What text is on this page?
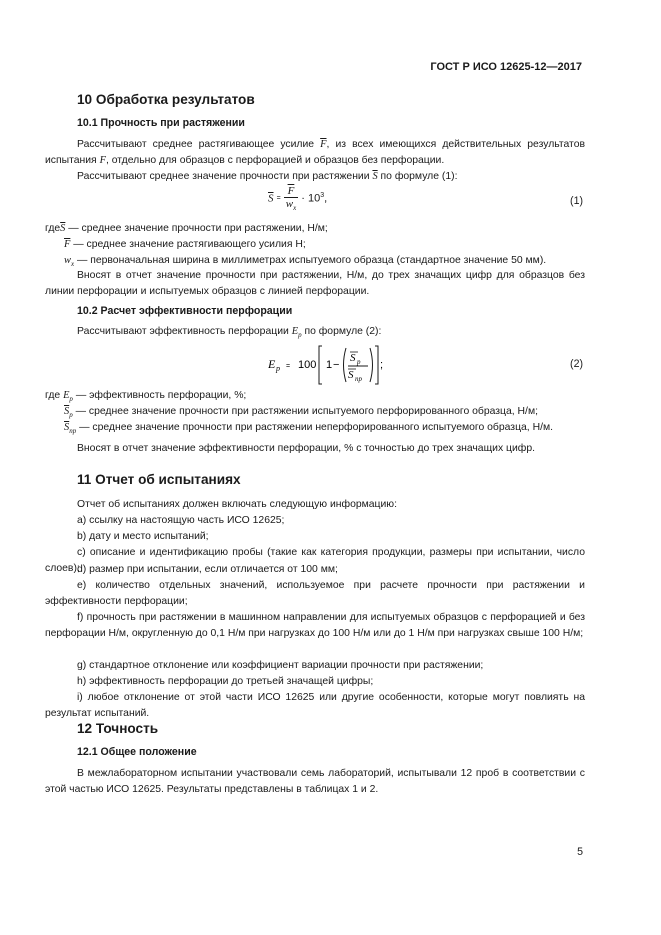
ГОСТ Р ИСО 12625-12—2017
10 Обработка результатов
10.1 Прочность при растяжении
Рассчитывают среднее растягивающее усилие $\overline{F}$, из всех имеющихся действительных результатов испытания F, отдельно для образцов с перфорацией и образцов без перфорации.
Рассчитывают среднее значение прочности при растяжении $\overline{S}$ по формуле (1):
$\overline{S} = \frac{\overline{F}}{w_x} \cdot 10^3$,	(1)
$где\overline{S}$ — среднее значение прочности при растяжении, Н/м;
$\overline{F}$ — среднее значение растягивающего усилия Н;
$w_x$ — первоначальная ширина в миллиметрах испытуемого образца (стандартное значение 50 мм).
Вносят в отчет значение прочности при растяжении, Н/м, до трех значащих цифр для образцов без линии перфорации и испытуемых образцов с линией перфорации.
10.2 Расчет эффективности перфорации
Рассчитывают эффективность перфорации $E_p$ по формуле (2):
E p = 100 1 −
S p
S np
;	(2)
где $E_p$ — эффективность перфорации, %;
$\overline{S}_p$ — среднее значение прочности при растяжении испытуемого перфорированного образца, Н/м;
$\overline{S}_{np}$ — среднее значение прочности при растяжении неперфорированного испытуемого образца, Н/м.
Вносят в отчет значение эффективности перфорации, % с точностью до трех значащих цифр.
11 Отчет об испытаниях
Отчет об испытаниях должен включать следующую информацию:
a) ссылку на настоящую часть ИСО 12625;
b) дату и место испытаний;
c) описание и идентификацию пробы (такие как категория продукции, размеры при испытании, число слоев);
d) размер при испытании, если отличается от 100 мм;
e) количество отдельных значений, используемое при расчете прочности при растяжении и эффективности перфорации;
f) прочность при растяжении в машинном направлении для испытуемых образцов с перфорацией и без перфорации Н/м, округленную до 0,1 Н/м при нагрузках до 100 Н/м или до 1 Н/м при нагрузках свыше 100 Н/м;
g) стандартное отклонение или коэффициент вариации прочности при растяжении;
h) эффективность перфорации до третьей значащей цифры;
i) любое отклонение от этой части ИСО 12625 или другие особенности, которые могут повлиять на результат испытаний.
12 Точность
12.1 Общее положение
В межлабораторном испытании участвовали семь лабораторий, испытывали 12 проб в соответствии с этой частью ИСО 12625. Результаты представлены в таблицах 1 и 2.
5
